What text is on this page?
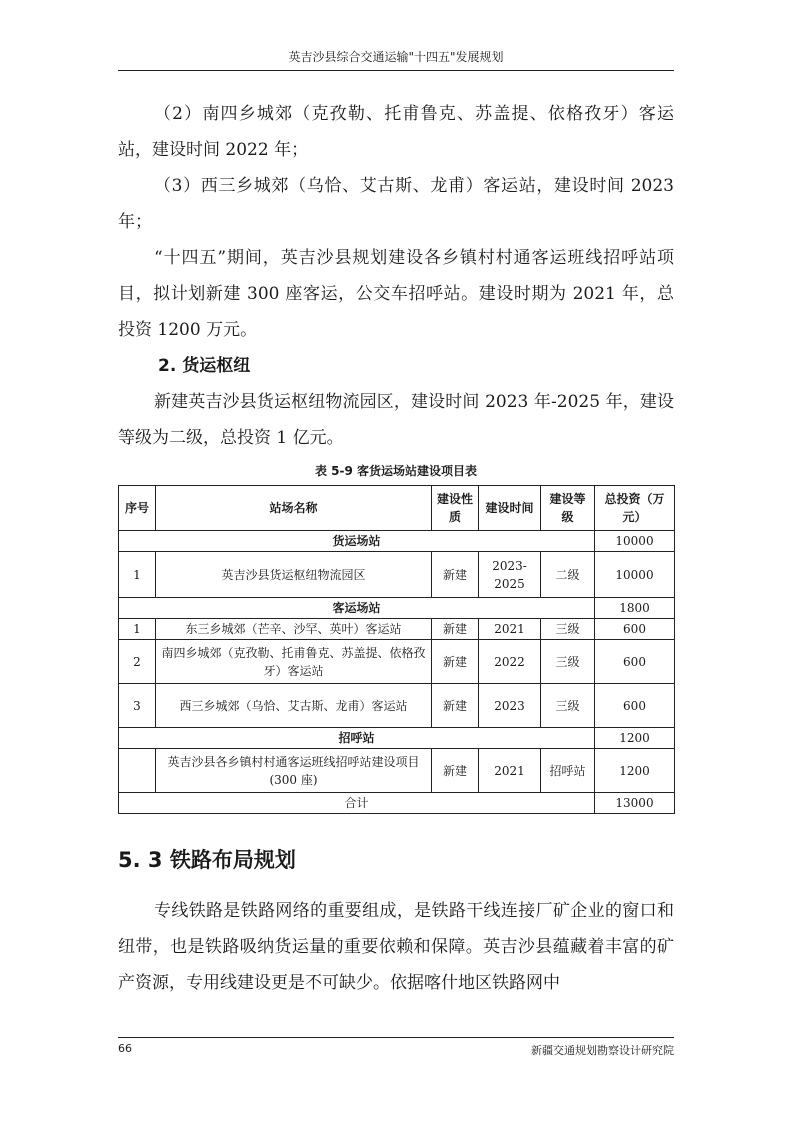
英吉沙县综合交通运输"十四五"发展规划

（2）南四乡城郊（克孜勒、托甫鲁克、苏盖提、依格孜牙）客运站，建设时间 2022 年；

（3）西三乡城郊（乌恰、艾古斯、龙甫）客运站，建设时间 2023 年；

“十四五”期间，英吉沙县规划建设各乡镇村村通客运班线招呼站项目，拟计划新建 300 座客运，公交车招呼站。建设时期为 2021 年，总投资 1200 万元。

2. 货运枢纽

新建英吉沙县货运枢纽物流园区，建设时间 2023 年-2025 年，建设等级为二级，总投资 1 亿元。

表 5-9 客货运场站建设项目表
序号	站场名称	建设性质	建设时间	建设等级	总投资（万元）
货运场站					10000
1	英吉沙县货运枢纽物流园区	新建	2023-2025	二级	10000
客运场站					1800
1	东三乡城郊（芒辛、沙罕、英叶）客运站	新建	2021	三级	600
2	南四乡城郊（克孜勒、托甫鲁克、苏盖提、依格孜牙）客运站	新建	2022	三级	600
3	西三乡城郊（乌恰、艾古斯、龙甫）客运站	新建	2023	三级	600
招呼站					1200
	英吉沙县各乡镇村村通客运班线招呼站建设项目(300 座)	新建	2021	招呼站	1200
合计					13000
5. 3 铁路布局规划

专线铁路是铁路网络的重要组成，是铁路干线连接厂矿企业的窗口和纽带，也是铁路吸纳货运量的重要依赖和保障。英吉沙县蕴藏着丰富的矿产资源，专用线建设更是不可缺少。依据喀什地区铁路网中

66	新疆交通规划勘察设计研究院
